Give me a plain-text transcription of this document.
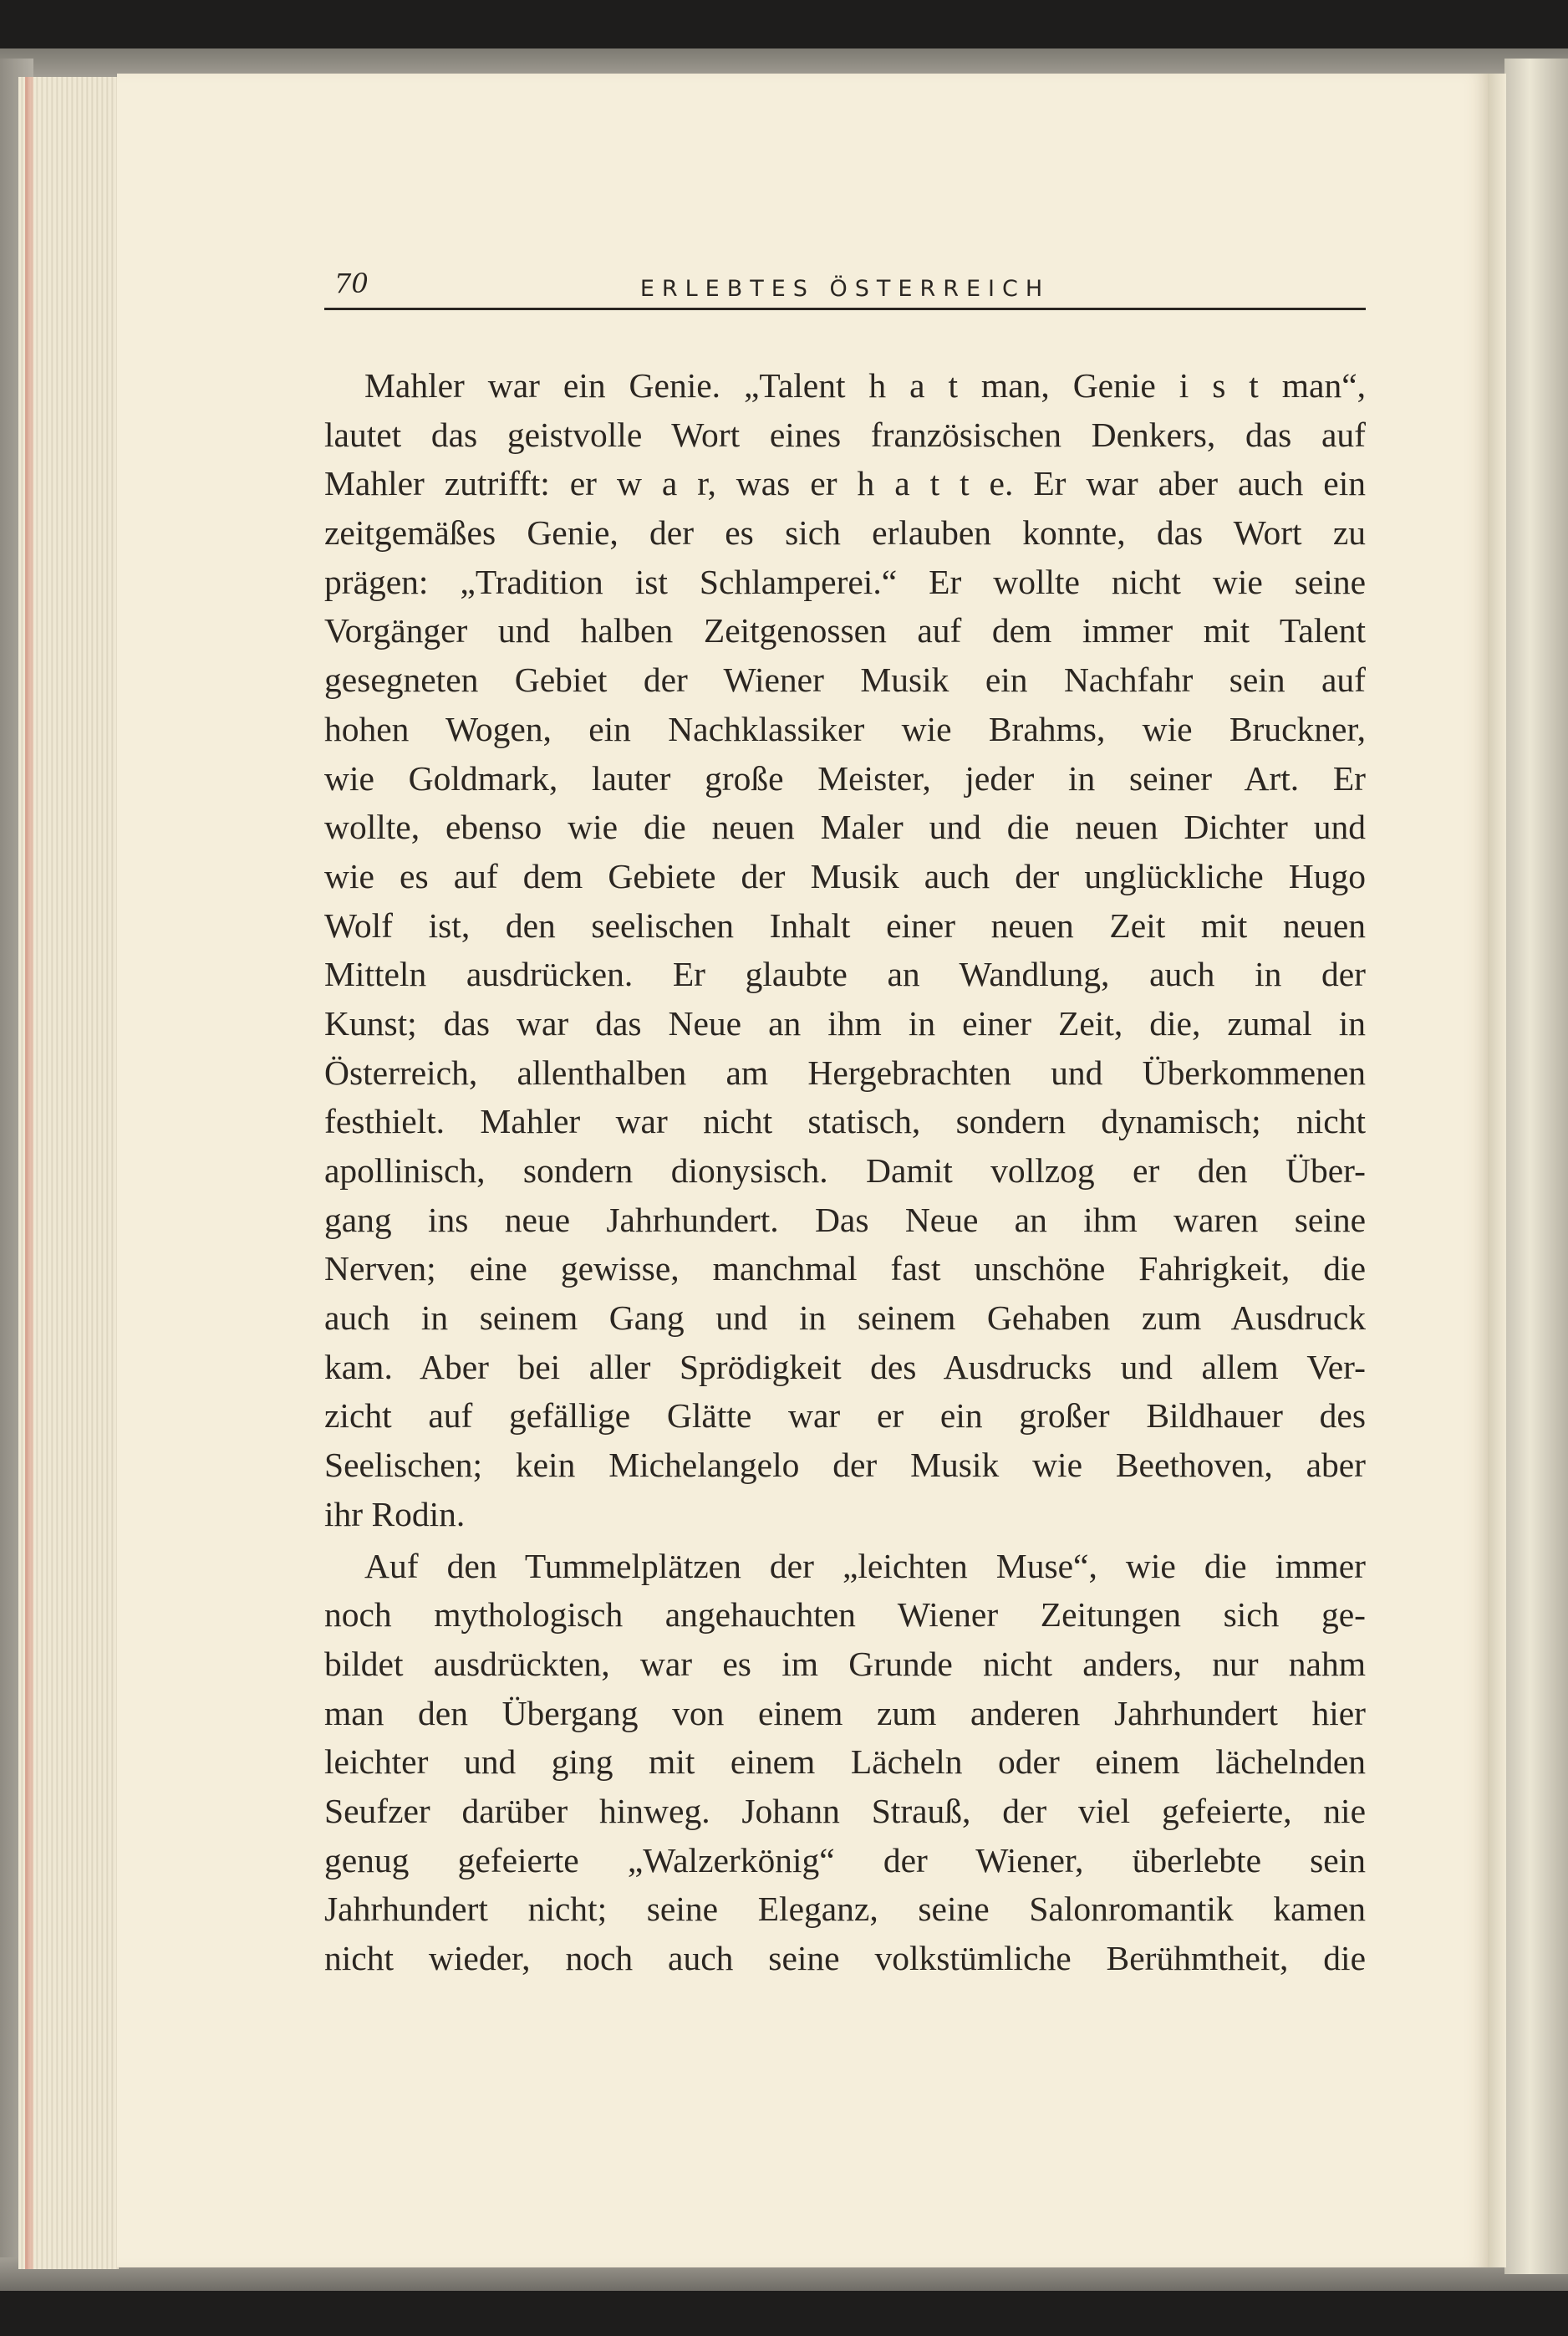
70	ERLEBTES ÖSTERREICH
Mahler war ein Genie. „Talent h a t man, Genie i s t man“,
lautet das geistvolle Wort eines französischen Denkers, das auf
Mahler zutrifft: er w a r, was er h a t t e. Er war aber auch ein
zeitgemäßes Genie, der es sich erlauben konnte, das Wort zu
prägen: „Tradition ist Schlamperei.“ Er wollte nicht wie seine
Vorgänger und halben Zeitgenossen auf dem immer mit Talent
gesegneten Gebiet der Wiener Musik ein Nachfahr sein auf
hohen Wogen, ein Nachklassiker wie Brahms, wie Bruckner,
wie Goldmark, lauter große Meister, jeder in seiner Art. Er
wollte, ebenso wie die neuen Maler und die neuen Dichter und
wie es auf dem Gebiete der Musik auch der unglückliche Hugo
Wolf ist, den seelischen Inhalt einer neuen Zeit mit neuen
Mitteln ausdrücken. Er glaubte an Wandlung, auch in der
Kunst; das war das Neue an ihm in einer Zeit, die, zumal in
Österreich, allenthalben am Hergebrachten und Überkommenen
festhielt. Mahler war nicht statisch, sondern dynamisch; nicht
apollinisch, sondern dionysisch. Damit vollzog er den Über-
gang ins neue Jahrhundert. Das Neue an ihm waren seine
Nerven; eine gewisse, manchmal fast unschöne Fahrigkeit, die
auch in seinem Gang und in seinem Gehaben zum Ausdruck
kam. Aber bei aller Sprödigkeit des Ausdrucks und allem Ver-
zicht auf gefällige Glätte war er ein großer Bildhauer des
Seelischen; kein Michelangelo der Musik wie Beethoven, aber
ihr Rodin.
Auf den Tummelplätzen der „leichten Muse“, wie die immer
noch mythologisch angehauchten Wiener Zeitungen sich ge-
bildet ausdrückten, war es im Grunde nicht anders, nur nahm
man den Übergang von einem zum anderen Jahrhundert hier
leichter und ging mit einem Lächeln oder einem lächelnden
Seufzer darüber hinweg. Johann Strauß, der viel gefeierte, nie
genug gefeierte „Walzerkönig“ der Wiener, überlebte sein
Jahrhundert nicht; seine Eleganz, seine Salonromantik kamen
nicht wieder, noch auch seine volkstümliche Berühmtheit, die
